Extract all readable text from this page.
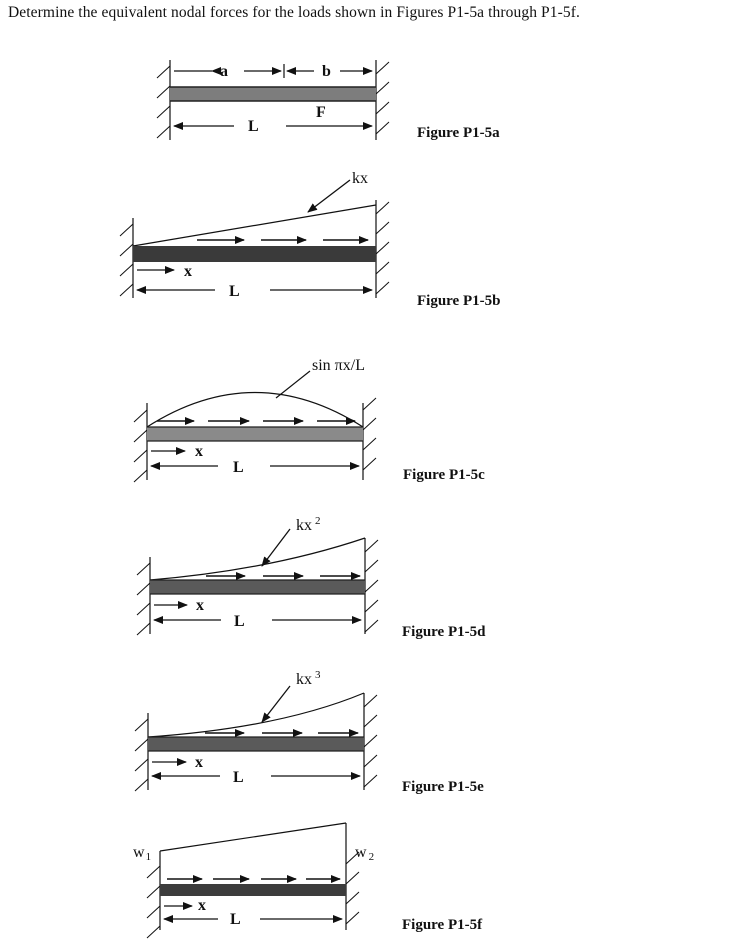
Determine the equivalent nodal forces for the loads shown in Figures P1-5a through P1-5f.
a	b
F
L	Figure P1-5a
kx
x
L
Figure P1-5b
sin πx/L
x
L	Figure P1-5c
kx $^2$
x
L
Figure P1-5d
kx $^3$
x
L
Figure P1-5e
w1	w 2
x
L	Figure P1-5f
